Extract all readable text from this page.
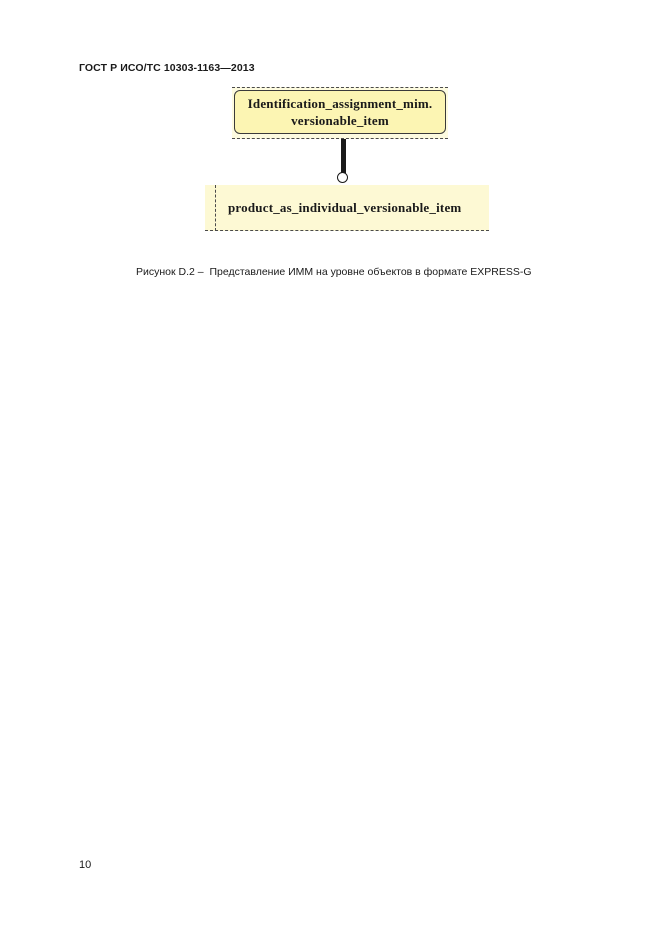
ГОСТ Р ИСО/ТС 10303-1163—2013
Identification_assignment_mim.
versionable_item
product_as_individual_versionable_item
Рисунок D.2 –  Представление ИММ на уровне объектов в формате EXPRESS-G
10
